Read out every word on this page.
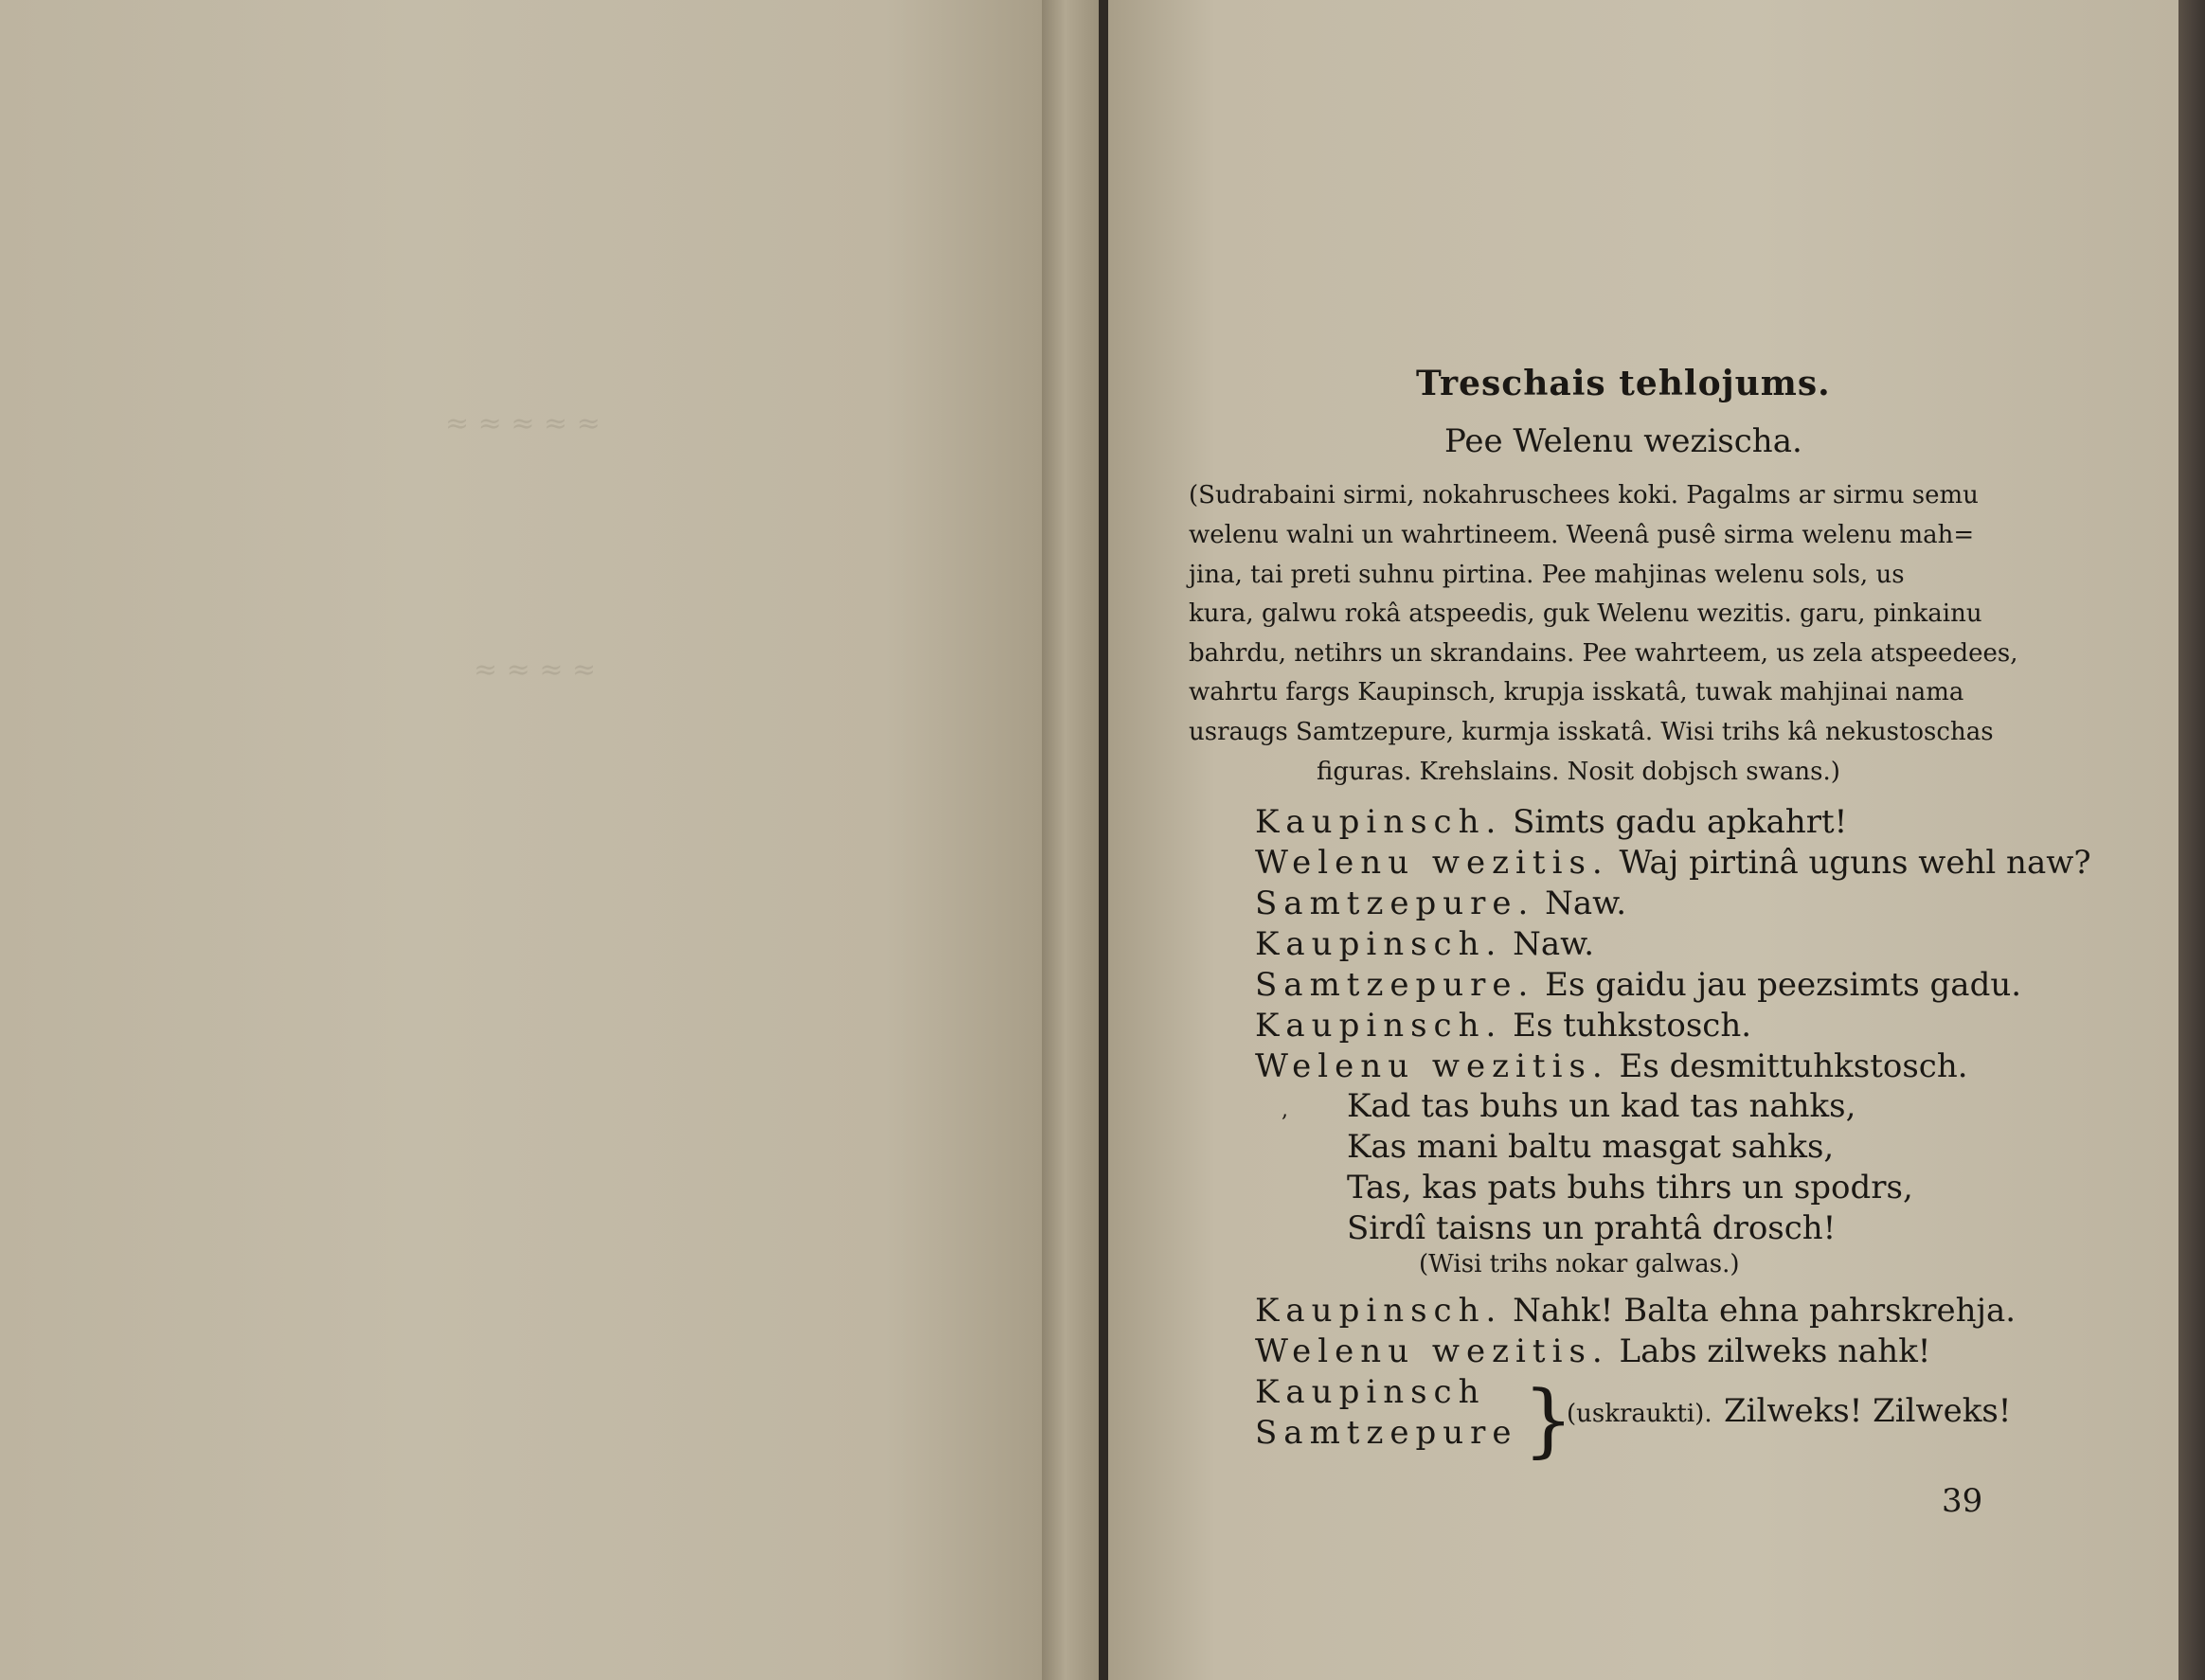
≈ ≈ ≈ ≈ ≈
≈ ≈ ≈ ≈
Treschais tehlojums.
Pee Welenu wezischa.
(Sudrabaini sirmi, nokahruschees koki. Pagalms ar sirmu semu
welenu walni un wahrtineem. Weenâ pusê sirma welenu mah=
jina, tai preti suhnu pirtina. Pee mahjinas welenu sols, us
kura, galwu rokâ atspeedis, guk Welenu wezitis. garu, pinkainu
bahrdu, netihrs un skrandains. Pee wahrteem, us zela atspeedees,
wahrtu fargs Kaupinsch, krupja isskatâ, tuwak mahjinai nama
usraugs Samtzepure, kurmja isskatâ. Wisi trihs kâ nekustoschas
figuras. Krehslains. Nosit dobjsch swans.)
Kaupinsch. Simts gadu apkahrt!
Welenu wezitis. Waj pirtinâ uguns wehl naw?
Samtzepure. Naw.
Kaupinsch. Naw.
Samtzepure. Es gaidu jau peezsimts gadu.
Kaupinsch. Es tuhkstosch.
Welenu wezitis. Es desmittuhkstosch.
, Kad tas buhs un kad tas nahks,
Kas mani baltu masgat sahks,
Tas, kas pats buhs tihrs un spodrs,
Sirdî taisns un prahtâ drosch!
(Wisi trihs nokar galwas.)
Kaupinsch. Nahk! Balta ehna pahrskrehja.
Welenu wezitis. Labs zilweks nahk!
Kaupinsch
Samtzepure }
(uskraukti). Zilweks! Zilweks!
39
